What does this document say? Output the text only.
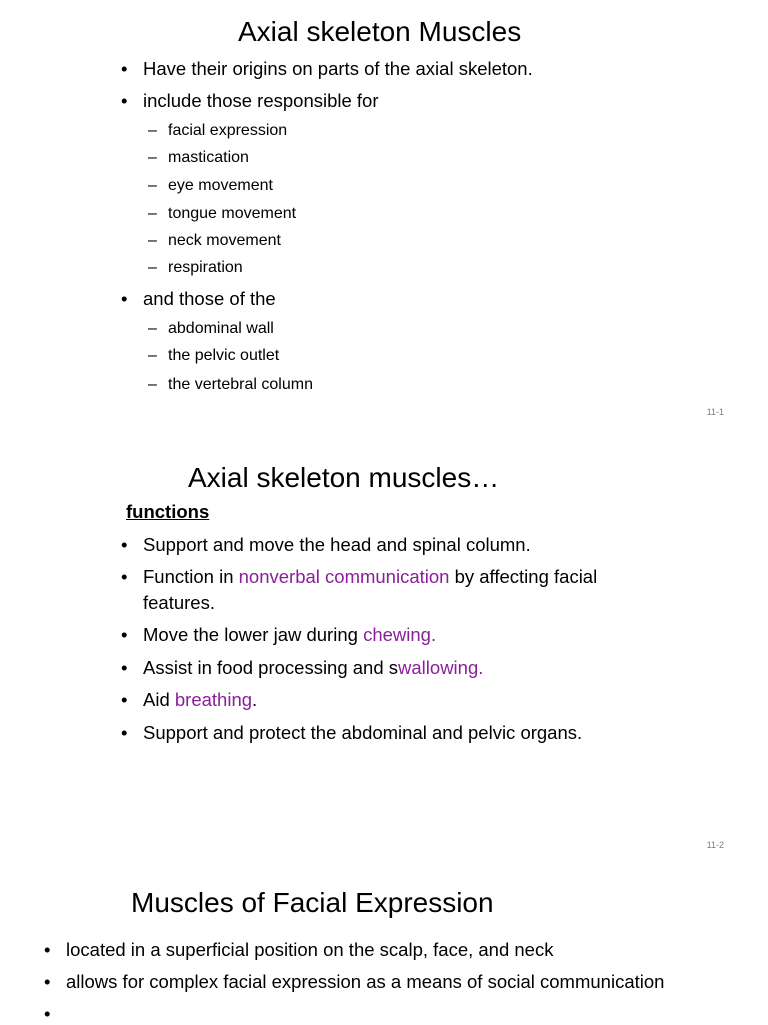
Axial skeleton Muscles
• Have their origins on parts of the axial skeleton.
• include those responsible for
– facial expression
– mastication
– eye movement
– tongue movement
– neck movement
– respiration
• and those of the
– abdominal wall
– the pelvic outlet
– the vertebral column
11-1
Axial skeleton muscles…
functions
• Support and move the head and spinal column.
• Function in nonverbal communication by affecting facial
features.
• Move the lower jaw during chewing.
• Assist in food processing and swallowing.
• Aid breathing.
• Support and protect the abdominal and pelvic organs.
11-2
Muscles of Facial Expression
• located in a superficial position on the scalp, face, and neck
• allows for complex facial expression as a means of social communication
•
